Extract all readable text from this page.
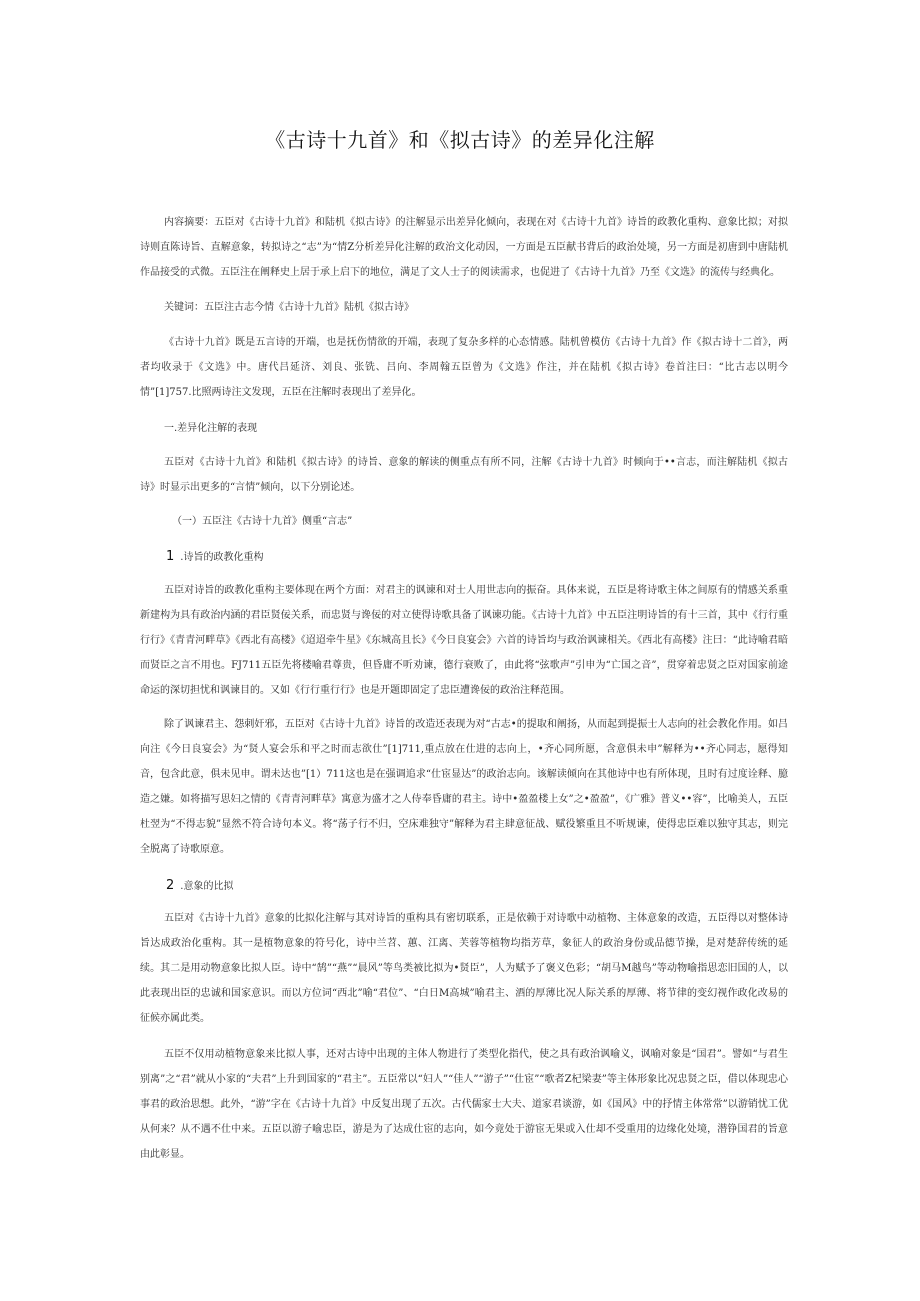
《古诗十九首》和《拟古诗》的差异化注解
内容摘要：五臣对《古诗十九首》和陆机《拟古诗》的注解显示出差异化倾向，表现在对《古诗十九首》诗旨的政教化重构、意象比拟；对拟诗则直陈诗旨、直解意象，转拟诗之“志”为“情Z分析差异化注解的政治文化动因，一方面是五臣献书背后的政治处境，另一方面是初唐到中唐陆机作品接受的式微。五臣注在阐释史上居于承上启下的地位，满足了文人士子的阅读需求，也促进了《古诗十九首》乃至《文选》的流传与经典化。
关键词：五臣注古志今情《古诗十九首》陆机《拟古诗》
《古诗十九首》既是五言诗的开端，也是抚伤情欲的开端，表现了复杂多样的心态情感。陆机曾模仿《古诗十九首》作《拟古诗十二首》，两者均收录于《文选》中。唐代吕延济、刘良、张铣、吕向、李周翰五臣曾为《文选》作注，并在陆机《拟古诗》卷首注曰：“比古志以明今情”[1]757.比照两诗注文发现，五臣在注解时表现出了差异化。
一.差异化注解的表现
五臣对《古诗十九首》和陆机《拟古诗》的诗旨、意象的解读的侧重点有所不同，注解《古诗十九首》时倾向于••言志，而注解陆机《拟古诗》时显示出更多的“言情”倾向，以下分别论述。
（一）五臣注《古诗十九首》侧重“言志”
1 .诗旨的政教化重构
五臣对诗旨的政教化重构主要体现在两个方面：对君主的讽谏和对士人用世志向的振奋。具体来说，五臣是将诗歌主体之间原有的情感关系重新建构为具有政治内涵的君臣贤佞关系，而忠贤与谗佞的对立使得诗歌具备了讽谏功能。《古诗十九首》中五臣注明诗旨的有十三首，其中《行行重行行》《青青河畔草》《西北有高楼》《迢迢牵牛星》《东城高且长》《今日良宴会》六首的诗旨均与政治讽谏相关。《西北有高楼》注曰：“此诗喻君暗而贤臣之言不用也。FJ711五臣先将楼喻君尊贵，但昏庸不听劝谏，德行衰败了，由此将“弦歌声”引申为“亡国之音”，贯穿着忠贤之臣对国家前途命运的深切担忧和讽谏目的。又如《行行重行行》也是开题即固定了忠臣遭谗佞的政治注释范围。
除了讽谏君主、怨刺奸邪，五臣对《古诗十九首》诗旨的改造还表现为对“古志•的提取和阐扬，从而起到提振士人志向的社会教化作用。如吕向注《今日良宴会》为“贤人宴会乐和平之时而志欲仕”[1]711,重点放在仕进的志向上，•齐心同所愿，含意俱未申”解释为••齐心同志，愿得知音，包含此意，俱未见申。谓未达也”[1）711这也是在强调追求“仕宦显达”的政治志向。该解读倾向在其他诗中也有所体现，且时有过度诠释、臆造之嫌。如将描写思妇之情的《青青河畔草》寓意为盛才之人侍奉昏庸的君主。诗中•盈盈楼上女”之•盈盈”，《广雅》普义••容”，比喻美人，五臣杜翌为“不得志貌”显然不符合诗句本义。将“荡子行不归，空床难独守”解释为君主肆意征战、赋役繁重且不听规谏，使得忠臣难以独守其志，则完全脱离了诗歌原意。
2 .意象的比拟
五臣对《古诗十九首》意象的比拟化注解与其对诗旨的重构具有密切联系，正是依赖于对诗歌中动植物、主体意象的改造，五臣得以对整体诗旨达成政治化重构。其一是植物意象的符号化，诗中兰苕、蕙、江离、芙蓉等植物均指芳草，象征人的政治身份或品德节操，是对楚辞传统的延续。其二是用动物意象比拟人臣。诗中“鹄”“燕”“晨风”等鸟类被比拟为•贤臣”，人为赋予了褒义色彩；“胡马M越鸟”等动物喻指思恋旧国的人，以此表现出臣的忠诚和国家意识。而以方位词“西北”喻“君位”、“白日M高城”喻君主、酒的厚薄比况人际关系的厚薄、将节律的变幻视作政化改易的征候亦属此类。
五臣不仅用动植物意象来比拟人事，还对古诗中出现的主体人物进行了类型化指代，使之具有政治讽喻义，讽喻对象是“国君”。譬如“与君生别离”之“君”就从小家的“夫君”上升到国家的“君主”。五臣常以“妇人”“佳人”“游子”“仕宦”“歌者Z杞梁妻”等主体形象比况忠贤之臣，借以体现忠心事君的政治思想。此外，“游”字在《古诗十九首》中反复出现了五次。古代儒家士大夫、道家君谈游，如《国风》中的抒情主体常常”以游销忧工优从何来？从不遇不仕中来。五臣以游子喻忠臣，游是为了达成仕宦的志向，如今竟处于游宦无果或入仕却不受重用的边缘化处境，潜铮国君的旨意由此彰显。
